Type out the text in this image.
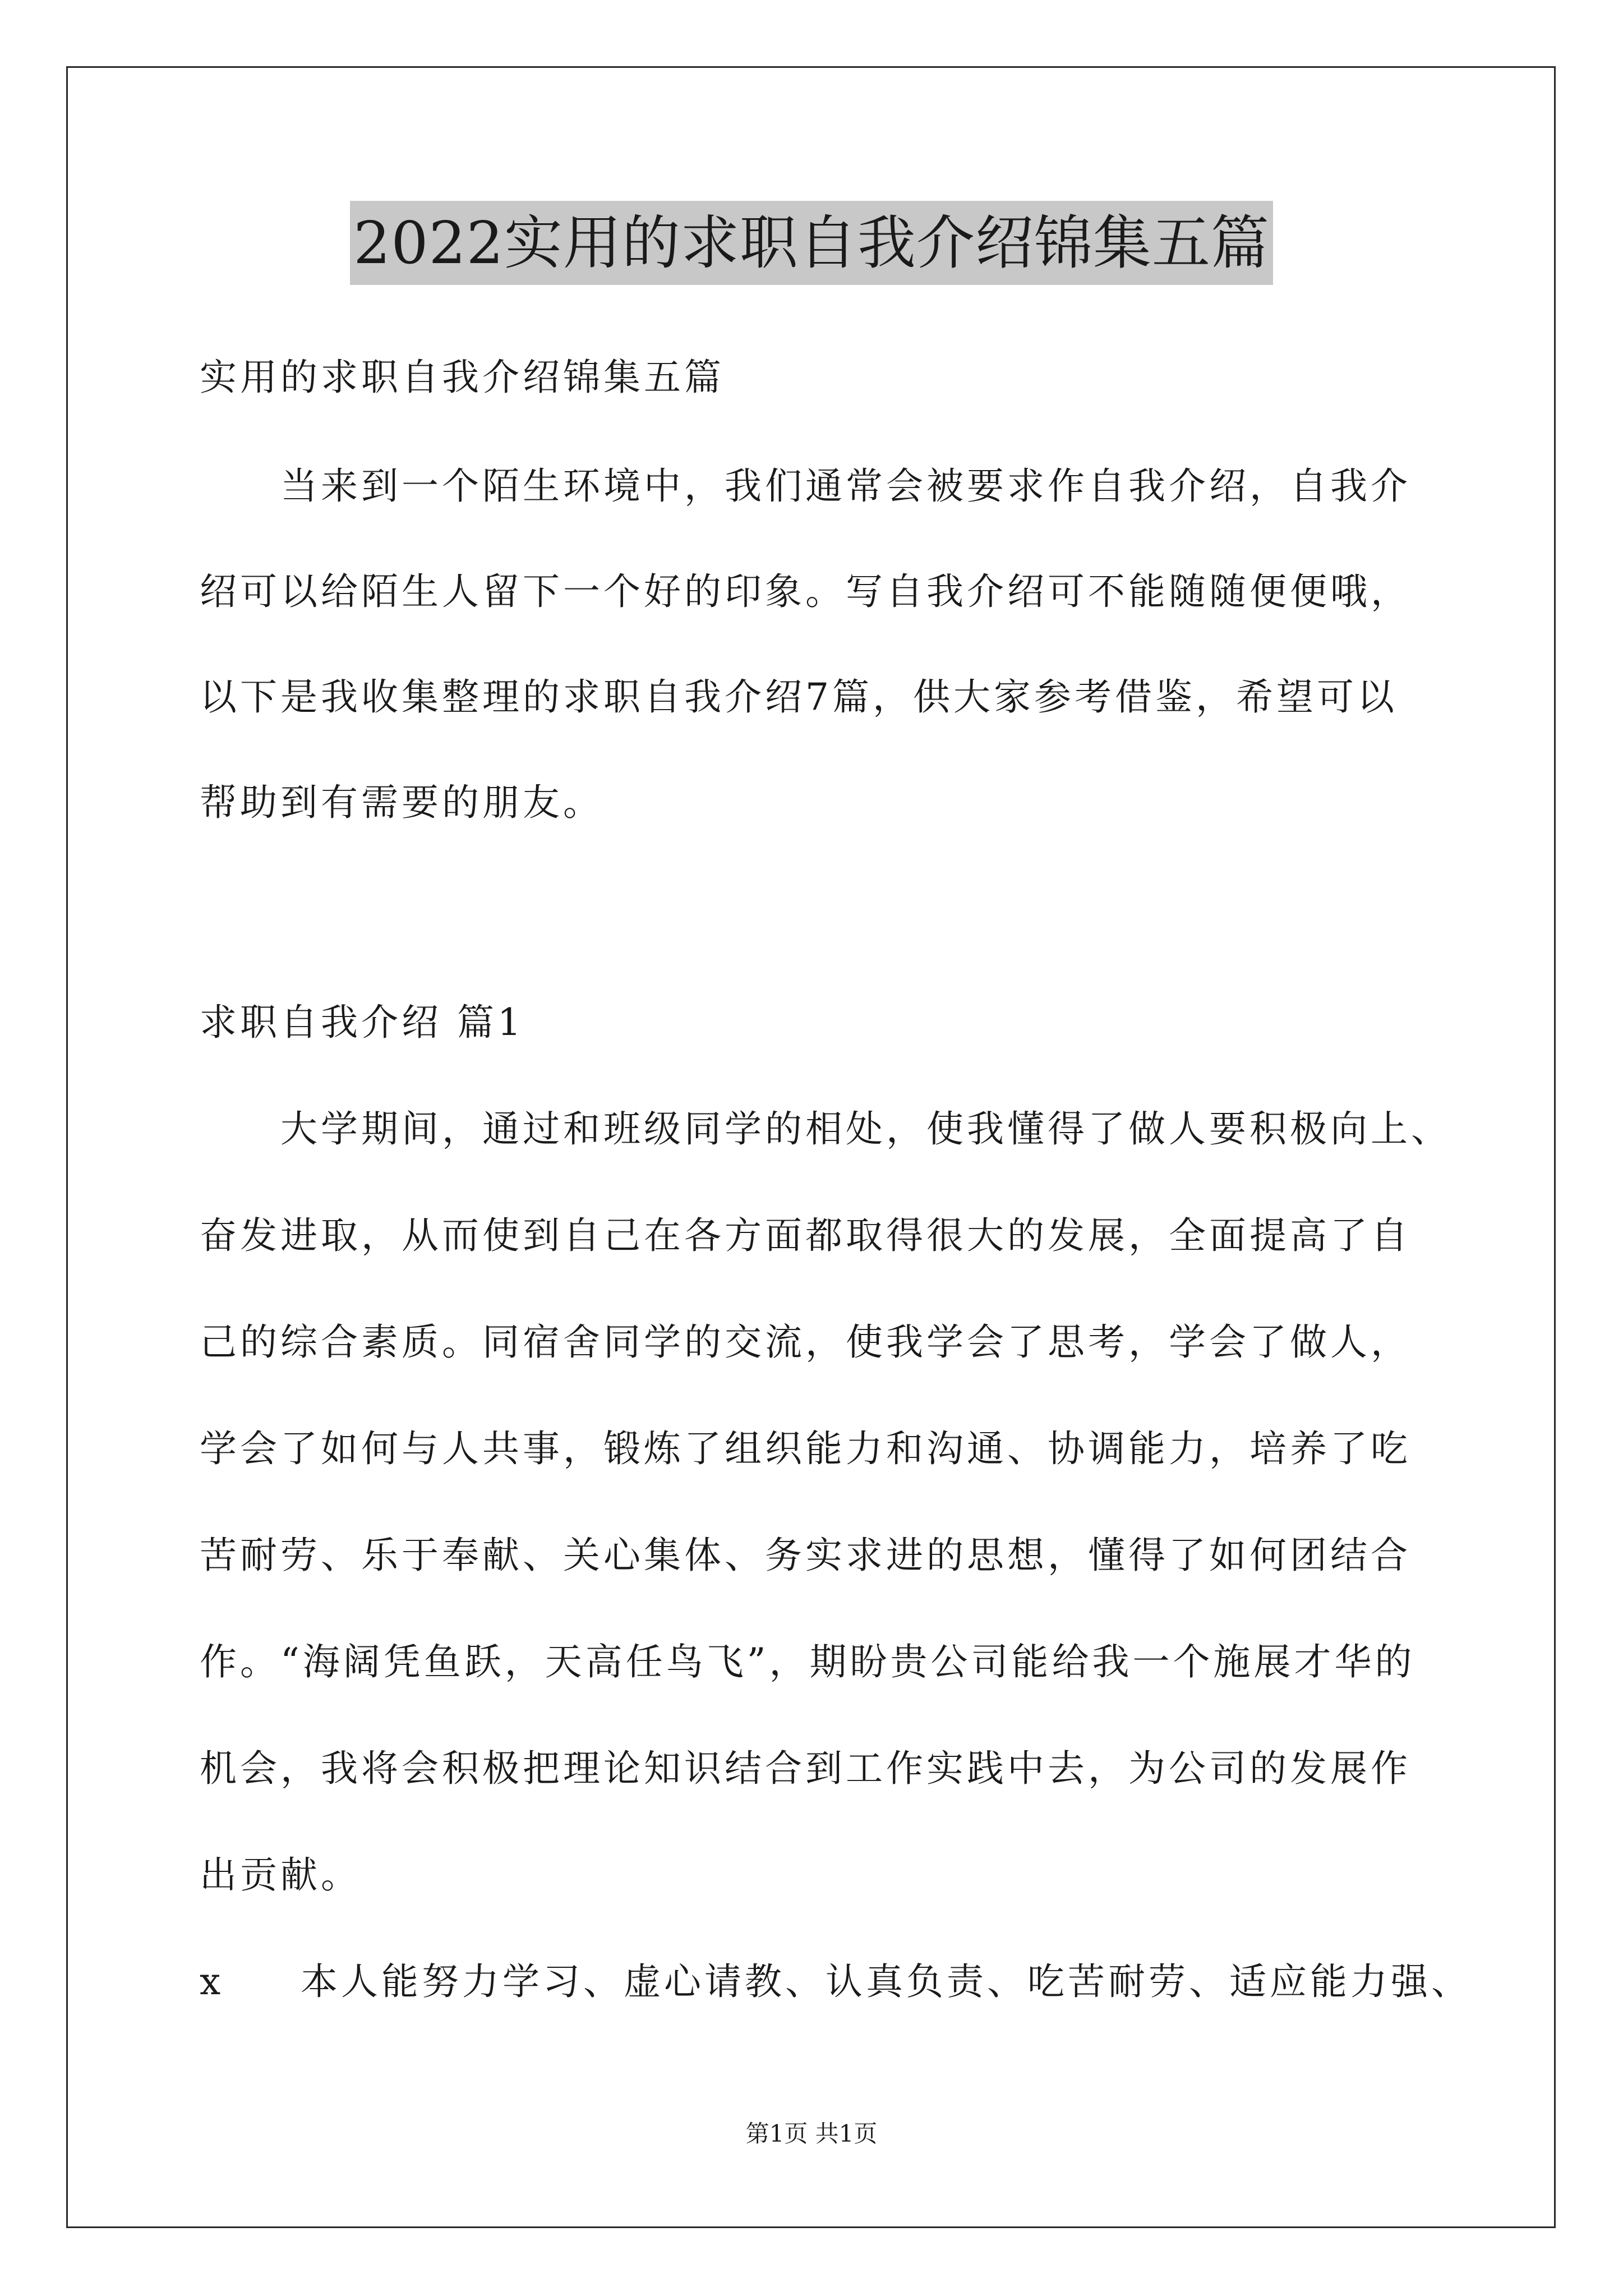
2022实用的求职自我介绍锦集五篇
实用的求职自我介绍锦集五篇
当来到一个陌生环境中，我们通常会被要求作自我介绍，自我介
绍可以给陌生人留下一个好的印象。写自我介绍可不能随随便便哦，
以下是我收集整理的求职自我介绍7篇，供大家参考借鉴，希望可以
帮助到有需要的朋友。
求职自我介绍 篇1
大学期间，通过和班级同学的相处，使我懂得了做人要积极向上、
奋发进取，从而使到自己在各方面都取得很大的发展，全面提高了自
己的综合素质。同宿舍同学的交流，使我学会了思考，学会了做人，
学会了如何与人共事，锻炼了组织能力和沟通、协调能力，培养了吃
苦耐劳、乐于奉献、关心集体、务实求进的思想，懂得了如何团结合
作。“海阔凭鱼跃，天高任鸟飞”，期盼贵公司能给我一个施展才华的
机会，我将会积极把理论知识结合到工作实践中去，为公司的发展作
出贡献。
x 本人能努力学习、虚心请教、认真负责、吃苦耐劳、适应能力强、
第1页 共1页
